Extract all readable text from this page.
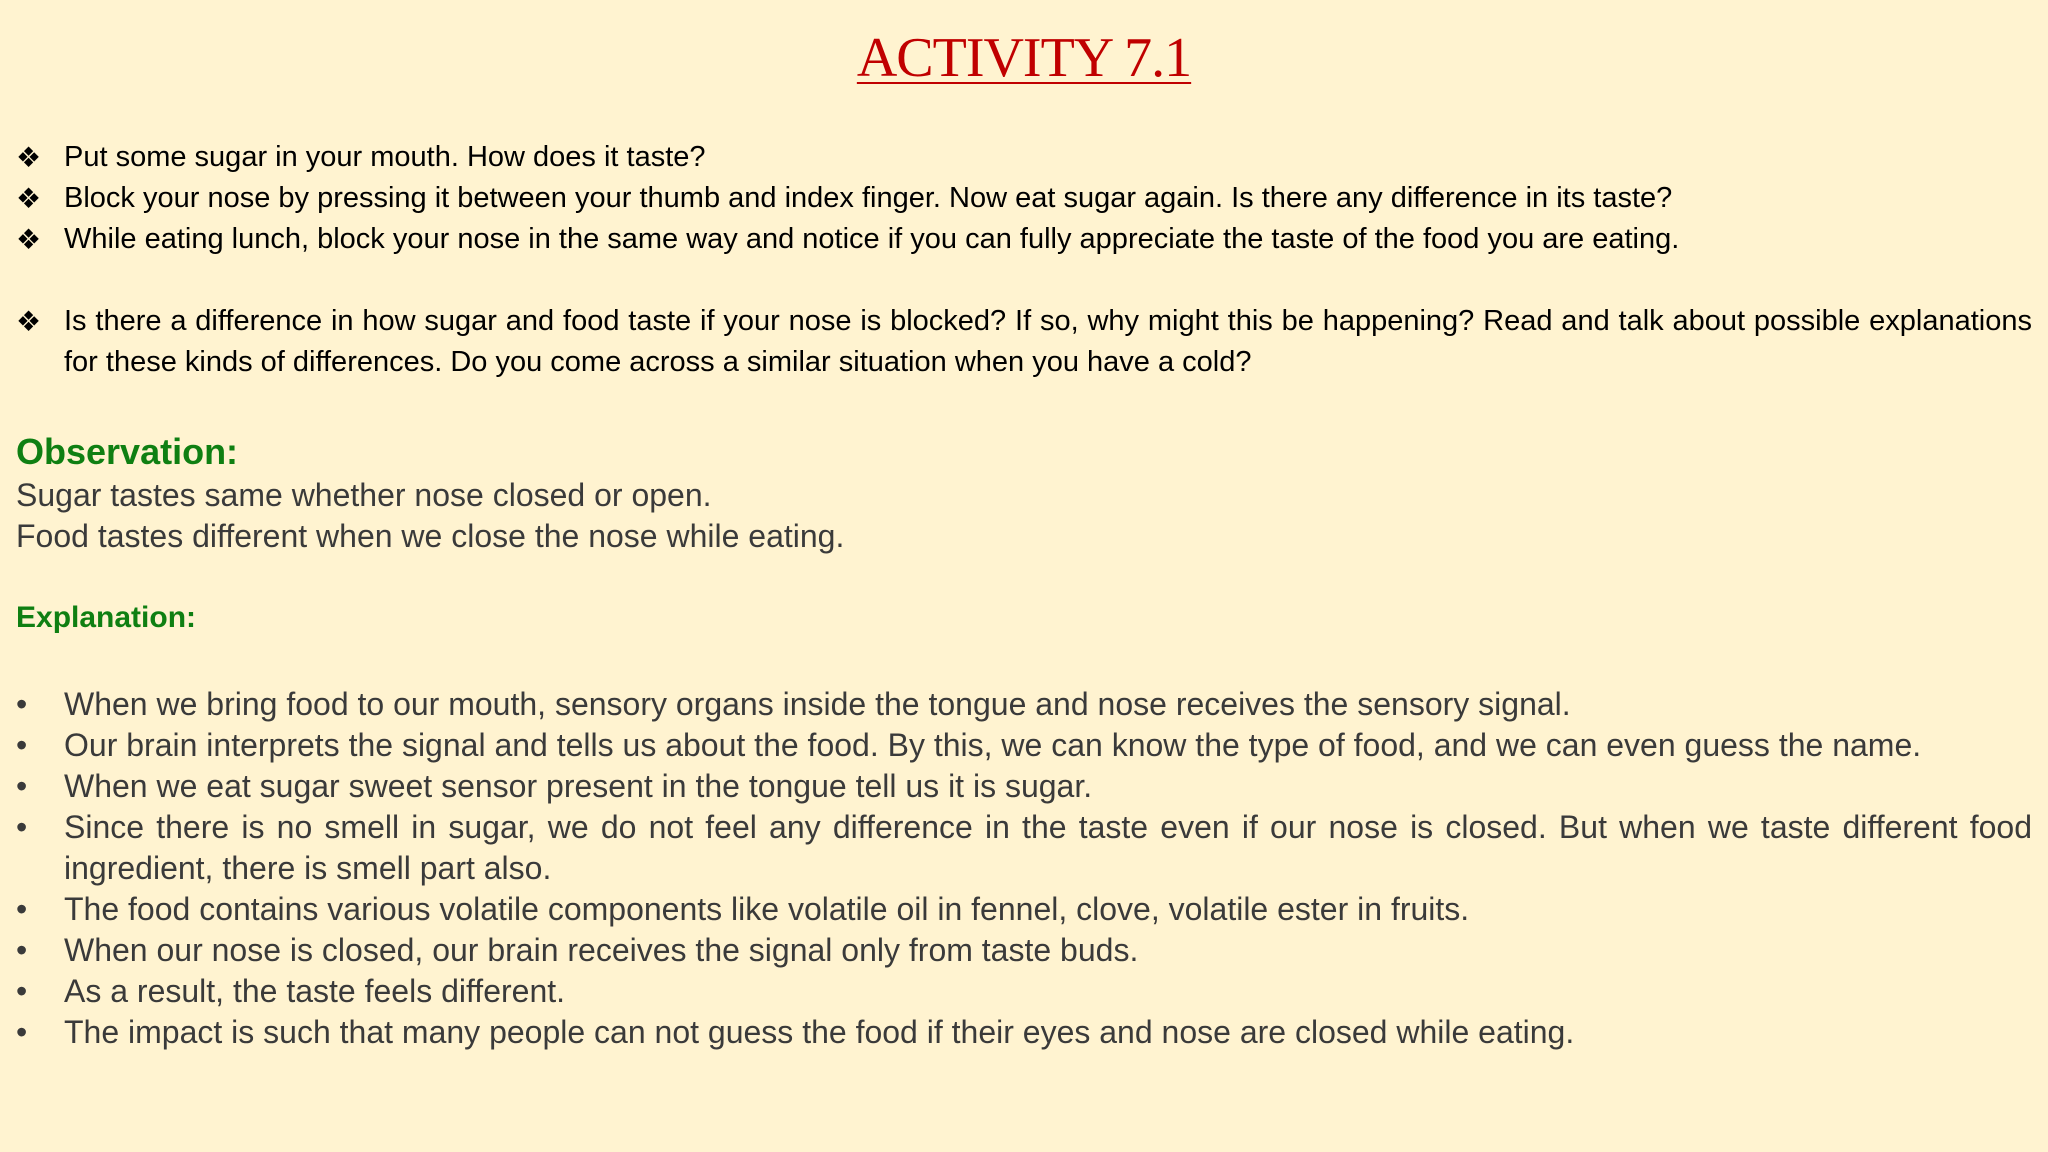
ACTIVITY 7.1
❖ Put some sugar in your mouth. How does it taste?
❖ Block your nose by pressing it between your thumb and index finger. Now eat sugar again. Is there any difference in its taste?
❖ While eating lunch, block your nose in the same way and notice if you can fully appreciate the taste of the food you are eating.
❖ Is there a difference in how sugar and food taste if your nose is blocked? If so, why might this be happening? Read and talk about possible explanations for these kinds of differences. Do you come across a similar situation when you have a cold?
Observation:
Sugar tastes same whether nose closed or open.
Food tastes different when we close the nose while eating.
Explanation:
•	When we bring food to our mouth, sensory organs inside the tongue and nose receives the sensory signal.
•	Our brain interprets the signal and tells us about the food. By this, we can know the type of food, and we can even guess the name.
•	When we eat sugar sweet sensor present in the tongue tell us it is sugar.
•	Since there is no smell in sugar, we do not feel any difference in the taste even if our nose is closed. But when we taste different food ingredient, there is smell part also.
•	The food contains various volatile components like volatile oil in fennel, clove, volatile ester in fruits.
•	When our nose is closed, our brain receives the signal only from taste buds.
•	As a result, the taste feels different.
•	The impact is such that many people can not guess the food if their eyes and nose are closed while eating.
